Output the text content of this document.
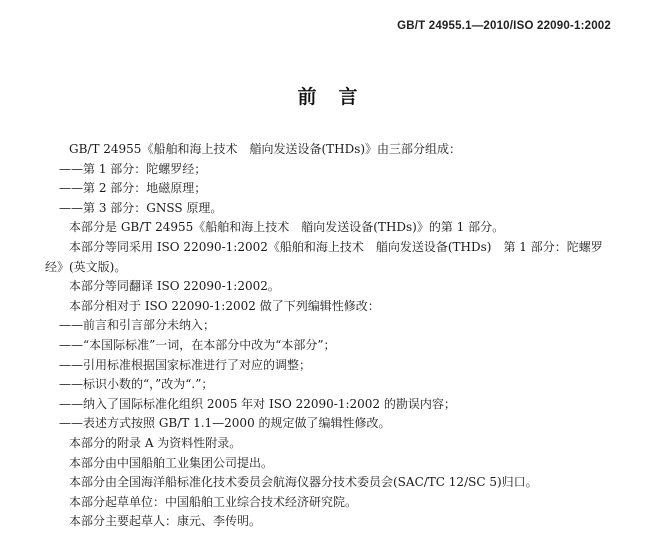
GB/T 24955.1—2010/ISO 22090-1:2002
前言
GB/T 24955《船舶和海上技术　艏向发送设备(THDs)》由三部分组成：
——第 1 部分：陀螺罗经；
——第 2 部分：地磁原理；
——第 3 部分：GNSS 原理。
本部分是 GB/T 24955《船舶和海上技术　艏向发送设备(THDs)》的第 1 部分。
本部分等同采用 ISO 22090-1:2002《船舶和海上技术　艏向发送设备(THDs)　第 1 部分：陀螺罗
经》(英文版)。
本部分等同翻译 ISO 22090-1:2002。
本部分相对于 ISO 22090-1:2002 做了下列编辑性修改：
——前言和引言部分未纳入；
——“本国际标准”一词，在本部分中改为“本部分”；
——引用标准根据国家标准进行了对应的调整；
——标识小数的“，”改为“.”；
——纳入了国际标准化组织 2005 年对 ISO 22090-1:2002 的勘误内容；
——表述方式按照 GB/T 1.1—2000 的规定做了编辑性修改。
本部分的附录 A 为资料性附录。
本部分由中国船舶工业集团公司提出。
本部分由全国海洋船标准化技术委员会航海仪器分技术委员会(SAC/TC 12/SC 5)归口。
本部分起草单位：中国船舶工业综合技术经济研究院。
本部分主要起草人：康元、李传明。
